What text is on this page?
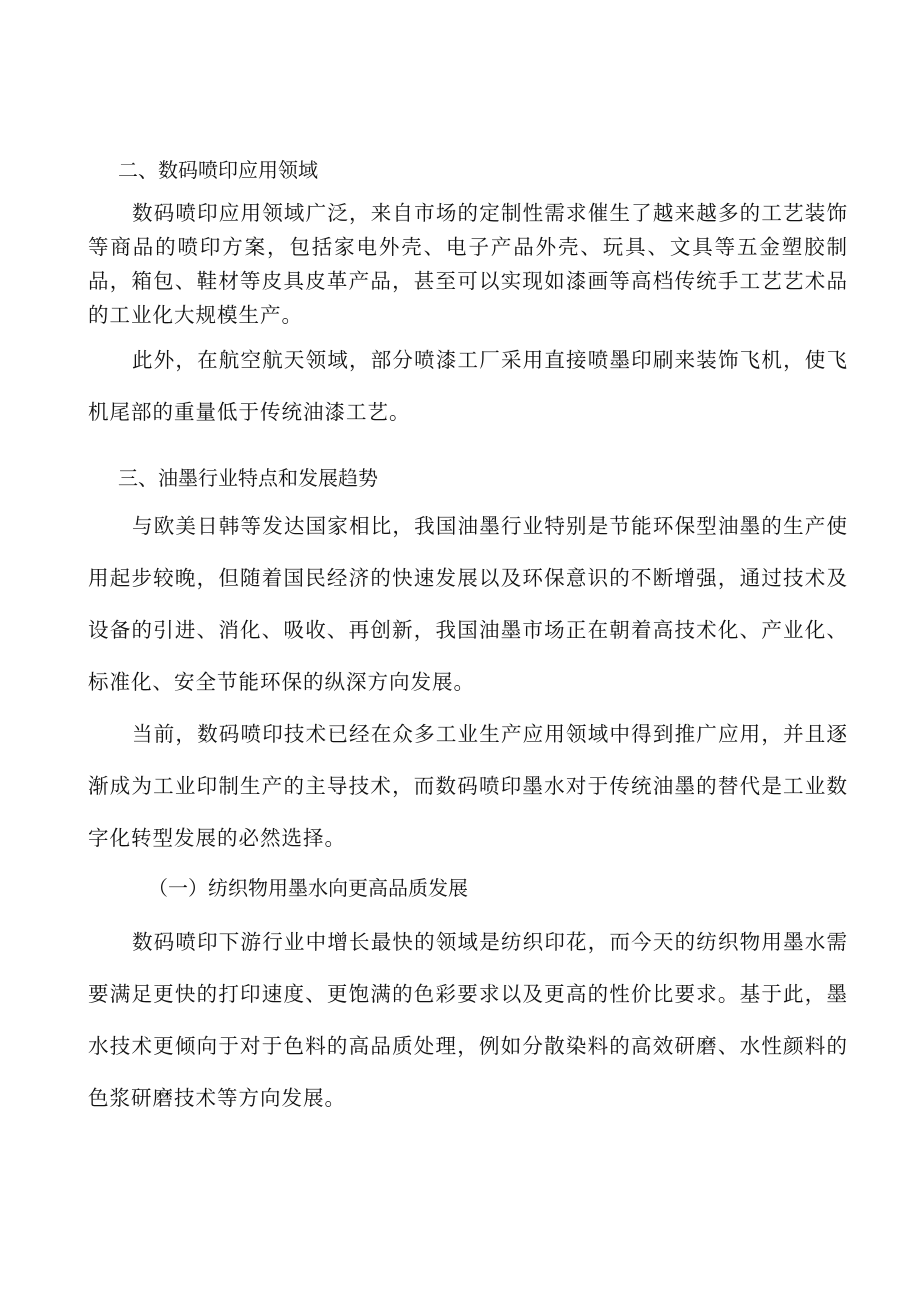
二、数码喷印应用领域

数码喷印应用领域广泛，来自市场的定制性需求催生了越来越多的工艺装饰等商品的喷印方案，包括家电外壳、电子产品外壳、玩具、文具等五金塑胶制品，箱包、鞋材等皮具皮革产品，甚至可以实现如漆画等高档传统手工艺艺术品的工业化大规模生产。

此外，在航空航天领域，部分喷漆工厂采用直接喷墨印刷来装饰飞机，使飞机尾部的重量低于传统油漆工艺。

三、油墨行业特点和发展趋势

与欧美日韩等发达国家相比，我国油墨行业特别是节能环保型油墨的生产使用起步较晚，但随着国民经济的快速发展以及环保意识的不断增强，通过技术及设备的引进、消化、吸收、再创新，我国油墨市场正在朝着高技术化、产业化、标准化、安全节能环保的纵深方向发展。

当前，数码喷印技术已经在众多工业生产应用领域中得到推广应用，并且逐渐成为工业印制生产的主导技术，而数码喷印墨水对于传统油墨的替代是工业数字化转型发展的必然选择。

（一）纺织物用墨水向更高品质发展

数码喷印下游行业中增长最快的领域是纺织印花，而今天的纺织物用墨水需要满足更快的打印速度、更饱满的色彩要求以及更高的性价比要求。基于此，墨水技术更倾向于对于色料的高品质处理，例如分散染料的高效研磨、水性颜料的色浆研磨技术等方向发展。
